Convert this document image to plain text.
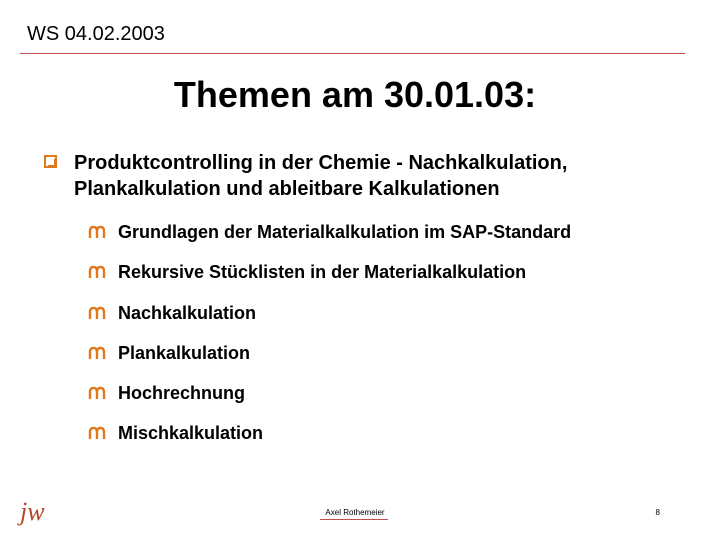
WS 04.02.2003
Themen am 30.01.03:
Produktcontrolling in der Chemie - Nachkalkulation, Plankalkulation und ableitbare Kalkulationen
Grundlagen der Materialkalkulation im SAP-Standard
Rekursive Stücklisten in der Materialkalkulation
Nachkalkulation
Plankalkulation
Hochrechnung
Mischkalkulation
jw	Axel Rothemeier	8
